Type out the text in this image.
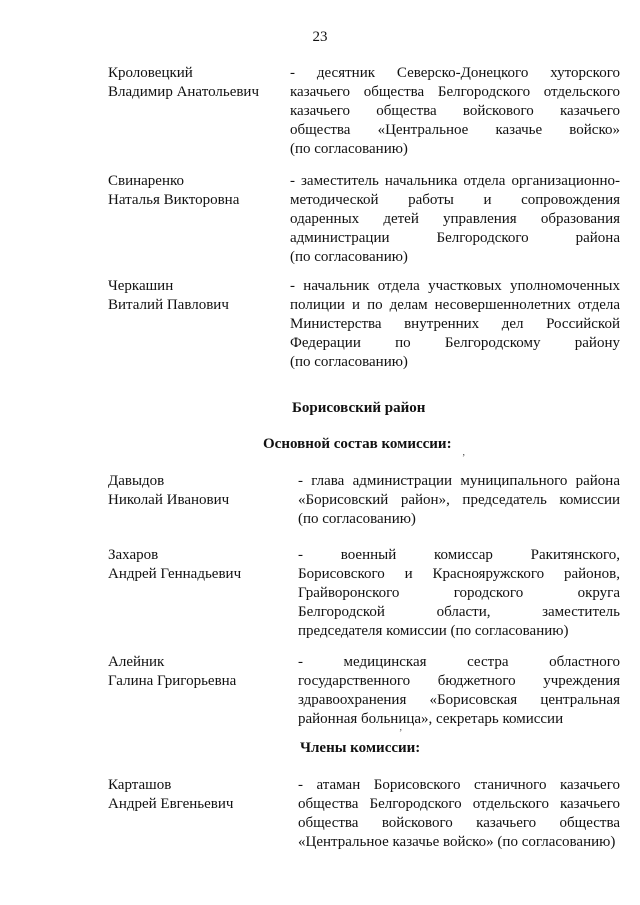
23
Кроловецкий
Владимир Анатольевич
- десятник Северско-Донецкого хуторского
казачьего общества Белгородского отдельского
казачьего общества войскового казачьего
общества «Центральное казачье войско»
(по согласованию)
Свинаренко
Наталья Викторовна
- заместитель начальника отдела организационно-
методической работы и сопровождения
одаренных детей управления образования
администрации Белгородского района
(по согласованию)
Черкашин
Виталий Павлович
- начальник отдела участковых уполномоченных
полиции и по делам несовершеннолетних отдела
Министерства внутренних дел Российской
Федерации по Белгородскому району
(по согласованию)
Борисовский район
Основной состав комиссии:
ʼ
Давыдов
Николай Иванович
- глава администрации муниципального района
«Борисовский район», председатель комиссии
(по согласованию)
Захаров
Андрей Геннадьевич
- военный комиссар Ракитянского,
Борисовского и Краснояружского районов,
Грайворонского городского округа
Белгородской области, заместитель
председателя комиссии (по согласованию)
Алейник
Галина Григорьевна
- медицинская сестра областного
государственного бюджетного учреждения
здравоохранения «Борисовская центральная
районная больница», секретарь комиссии
ʼ
Члены комиссии:
Карташов
Андрей Евгеньевич
- атаман Борисовского станичного казачьего
общества Белгородского отдельского казачьего
общества войскового казачьего общества
«Центральное казачье войско» (по согласованию)
